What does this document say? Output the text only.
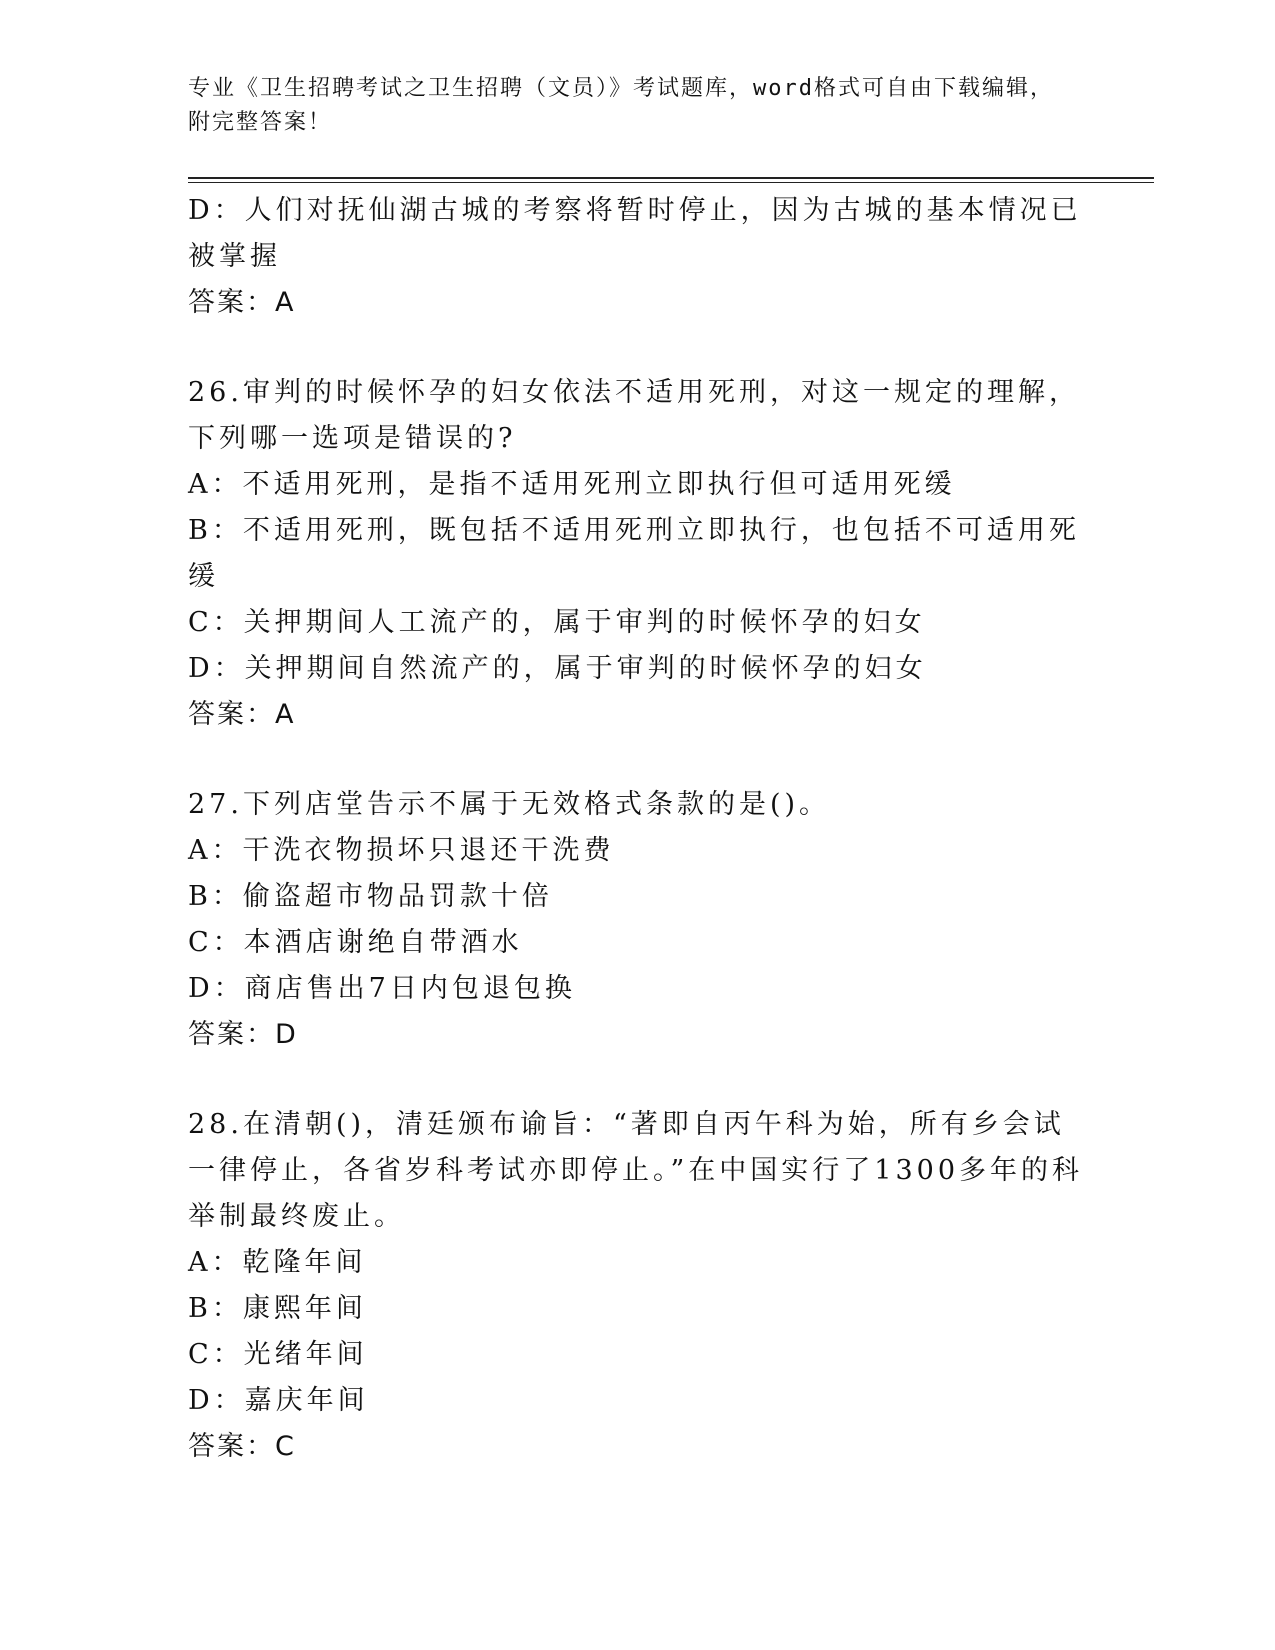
专业《卫生招聘考试之卫生招聘（文员）》考试题库，word格式可自由下载编辑，附完整答案！
D：人们对抚仙湖古城的考察将暂时停止，因为古城的基本情况已被掌握
答案：A
26.审判的时候怀孕的妇女依法不适用死刑，对这一规定的理解，下列哪一选项是错误的?
A：不适用死刑，是指不适用死刑立即执行但可适用死缓
B：不适用死刑，既包括不适用死刑立即执行，也包括不可适用死缓
C：关押期间人工流产的，属于审判的时候怀孕的妇女
D：关押期间自然流产的，属于审判的时候怀孕的妇女
答案：A
27.下列店堂告示不属于无效格式条款的是()。
A：干洗衣物损坏只退还干洗费
B：偷盗超市物品罚款十倍
C：本酒店谢绝自带酒水
D：商店售出7日内包退包换
答案：D
28.在清朝()，清廷颁布谕旨：“著即自丙午科为始，所有乡会试一律停止，各省岁科考试亦即停止。”在中国实行了1300多年的科举制最终废止。
A：乾隆年间
B：康熙年间
C：光绪年间
D：嘉庆年间
答案：C
